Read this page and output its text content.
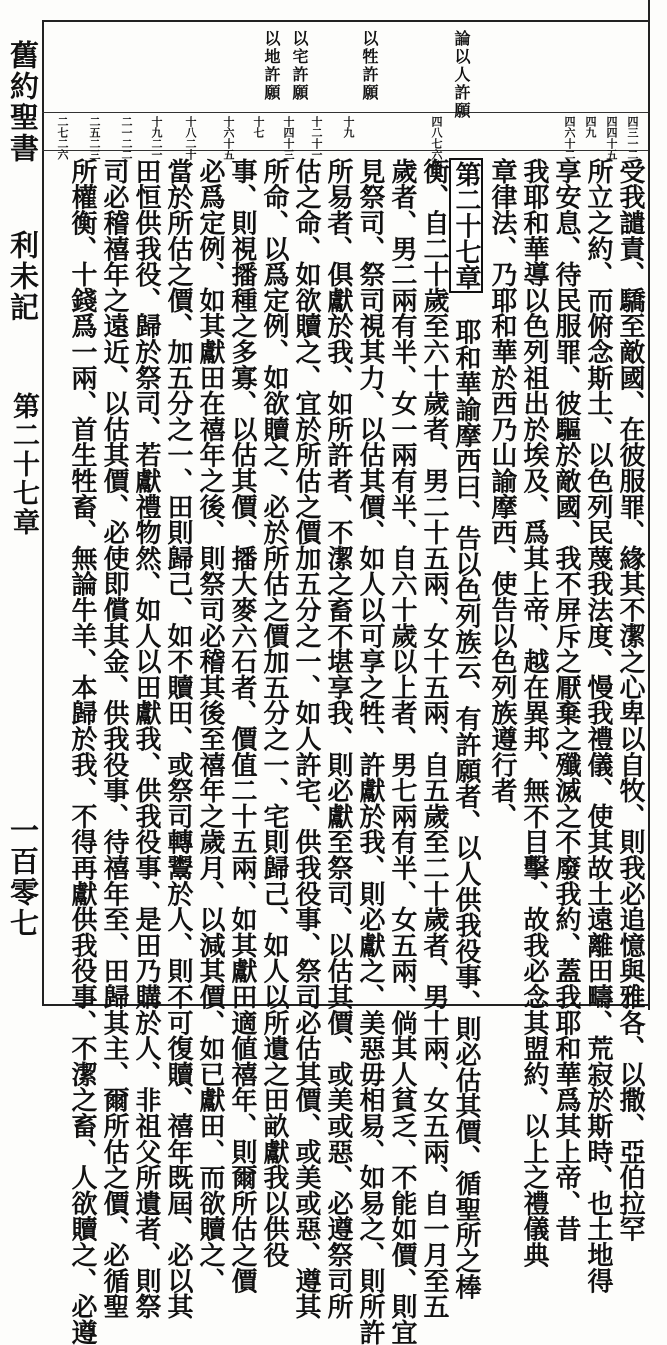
舊約聖書
利未記
第二十七章
一百零七
論以人許願
以牲許願
以宅許願
以地許願
四三一二
四四十五
四九
四六十二
四八七六四
十九
十二十一
十四十三
十七
十六十五
十八二十
十九二一
二一二二
二五二三
二七二六
受我譴責、驕至敵國、在彼服罪、緣其不潔之心卑以自牧、則我必追憶與雅各、以撒、亞伯拉罕
所立之約、而俯念斯土、以色列民蔑我法度、慢我禮儀、使其故土遠離田疇、荒寂於斯時、也土地得
享安息、待民服罪、彼驅於敵國、我不屏斥之厭棄之殲滅之不廢我約、蓋我耶和華爲其上帝、昔
我耶和華導以色列祖出於埃及、爲其上帝、越在異邦、無不目擊、故我必念其盟約、以上之禮儀典
章律法、乃耶和華於西乃山諭摩西、使告以色列族遵行者、
第二十七章　耶和華諭摩西曰、告以色列族云、有許願者、以人供我役事、則必估其價、循聖所之棒
衡、自二十歲至六十歲者、男二十五兩、女十五兩、自五歲至二十歲者、男十兩、女五兩、自一月至五
歲者、男二兩有半、女一兩有半、自六十歲以上者、男七兩有半、女五兩、倘其人貧乏、不能如價、則宜
見祭司、祭司視其力、以估其價、如人以可享之牲、許獻於我、則必獻之、美惡毋相易、如易之、則所許
所易者、俱獻於我、如所許者、不潔之畜不堪享我、則必獻至祭司、以估其價、或美或惡、必遵祭司所
估之命、如欲贖之、宜於所估之價加五分之一、如人許宅、供我役事、祭司必估其價、或美或惡、遵其
所命、以爲定例、如欲贖之、必於所估之價加五分之一、宅則歸己、如人以所遺之田畝獻我以供役
事、則視播種之多寡、以估其價、播大麥六石者、價值二十五兩、如其獻田適値禧年、則爾所估之價
必爲定例、如其獻田在禧年之後、則祭司必稽其後至禧年之歲月、以減其價、如已獻田、而欲贖之、
當於所估之價、加五分之一、田則歸己、如不贖田、或祭司轉鬻於人、則不可復贖、禧年既屆、必以其
田恒供我役、歸於祭司、若獻禮物然、如人以田獻我、供我役事、是田乃購於人、非祖父所遺者、則祭
司必稽禧年之遠近、以估其價、必使即償其金、供我役事、待禧年至、田歸其主、爾所估之價、必循聖
所權衡、十錢爲一兩、首生牲畜、無論牛羊、本歸於我、不得再獻供我役事、不潔之畜、人欲贖之、必遵
